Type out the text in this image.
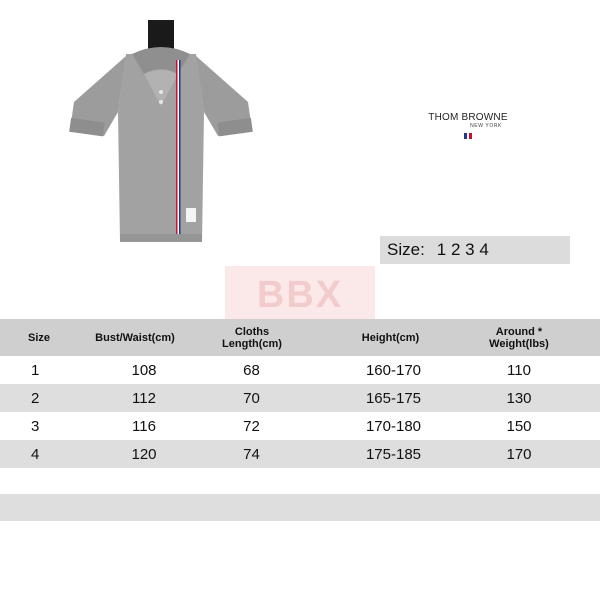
THOM BROWNE
NEW YORK
Size: 1 2 3 4
BBX
Size	Bust/Waist(cm)	Cloths Length(cm)	Height(cm)	Around * Weight(lbs)
1	108	68	160-170	110
2	112	70	165-175	130
3	116	72	170-180	150
4	120	74	175-185	170
